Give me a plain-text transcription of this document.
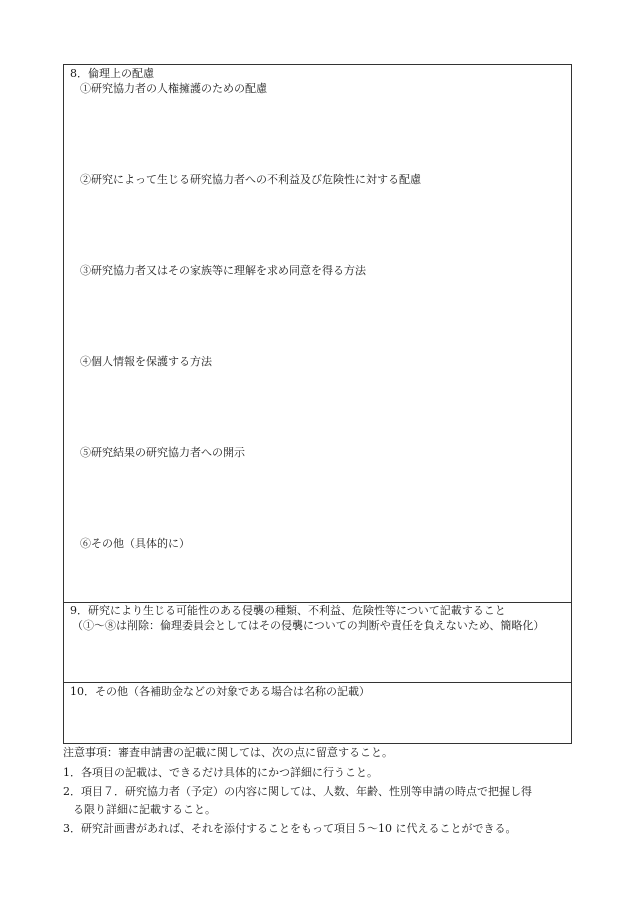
8．倫理上の配慮
①研究協力者の人権擁護のための配慮
②研究によって生じる研究協力者への不利益及び危険性に対する配慮
③研究協力者又はその家族等に理解を求め同意を得る方法
④個人情報を保護する方法
⑤研究結果の研究協力者への開示
⑥その他（具体的に）
9．研究により生じる可能性のある侵襲の種類、不利益、危険性等について記載すること
（①〜⑧は削除：倫理委員会としてはその侵襲についての判断や責任を負えないため、簡略化）
10．その他（各補助金などの対象である場合は名称の記載）
注意事項：審査申請書の記載に関しては、次の点に留意すること。
1．各項目の記載は、できるだけ具体的にかつ詳細に行うこと。
2．項目７．研究協力者（予定）の内容に関しては、人数、年齢、性別等申請の時点で把握し得
る限り詳細に記載すること。
3．研究計画書があれば、それを添付することをもって項目５〜10 に代えることができる。
